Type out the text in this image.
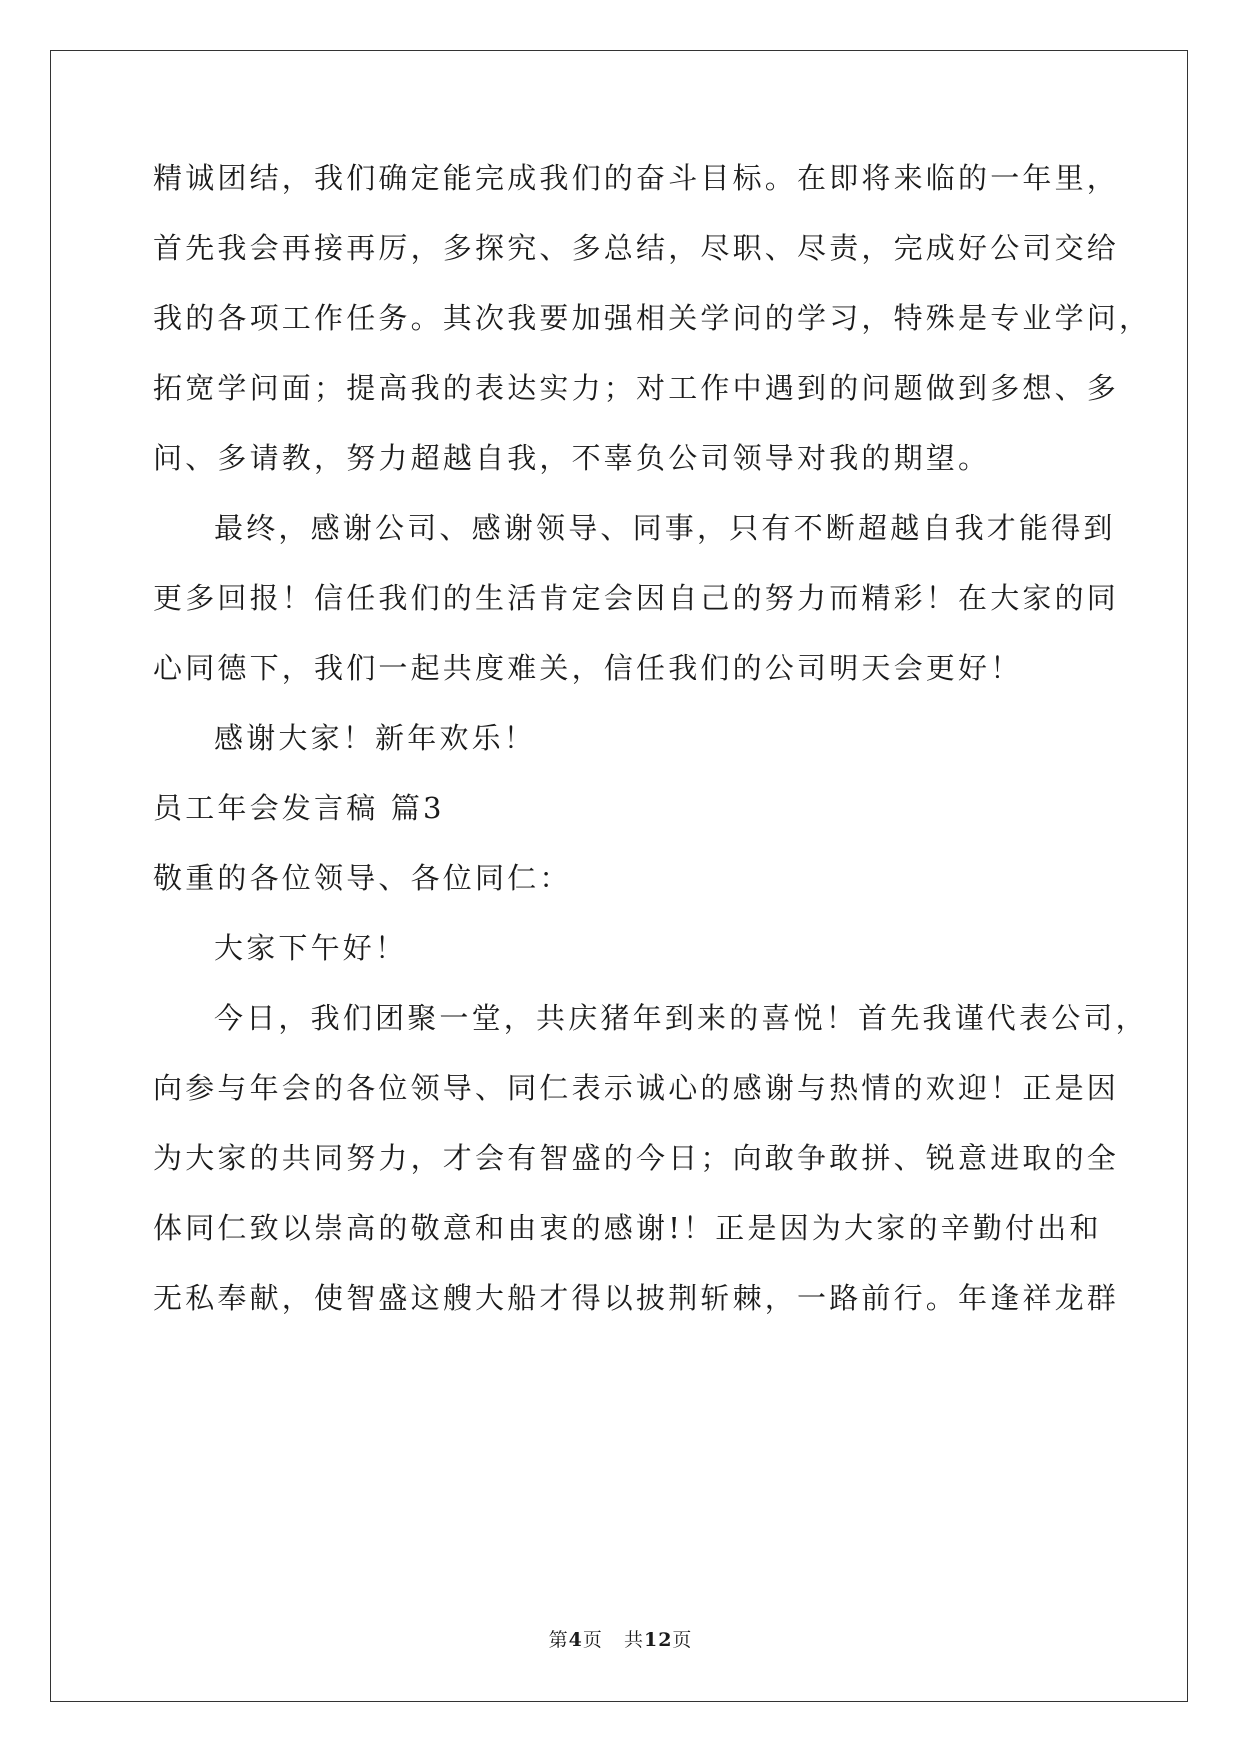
精诚团结，我们确定能完成我们的奋斗目标。在即将来临的一年里，
首先我会再接再厉，多探究、多总结，尽职、尽责，完成好公司交给
我的各项工作任务。其次我要加强相关学问的学习，特殊是专业学问，
拓宽学问面；提高我的表达实力；对工作中遇到的问题做到多想、多
问、多请教，努力超越自我，不辜负公司领导对我的期望。
最终，感谢公司、感谢领导、同事，只有不断超越自我才能得到
更多回报！信任我们的生活肯定会因自己的努力而精彩！在大家的同
心同德下，我们一起共度难关，信任我们的公司明天会更好！
感谢大家！新年欢乐！
员工年会发言稿 篇3
敬重的各位领导、各位同仁：
大家下午好！
今日，我们团聚一堂，共庆猪年到来的喜悦！首先我谨代表公司，
向参与年会的各位领导、同仁表示诚心的感谢与热情的欢迎！正是因
为大家的共同努力，才会有智盛的今日；向敢争敢拼、锐意进取的全
体同仁致以崇高的敬意和由衷的感谢!！正是因为大家的辛勤付出和
无私奉献，使智盛这艘大船才得以披荆斩棘，一路前行。年逢祥龙群
第4页 共12页
